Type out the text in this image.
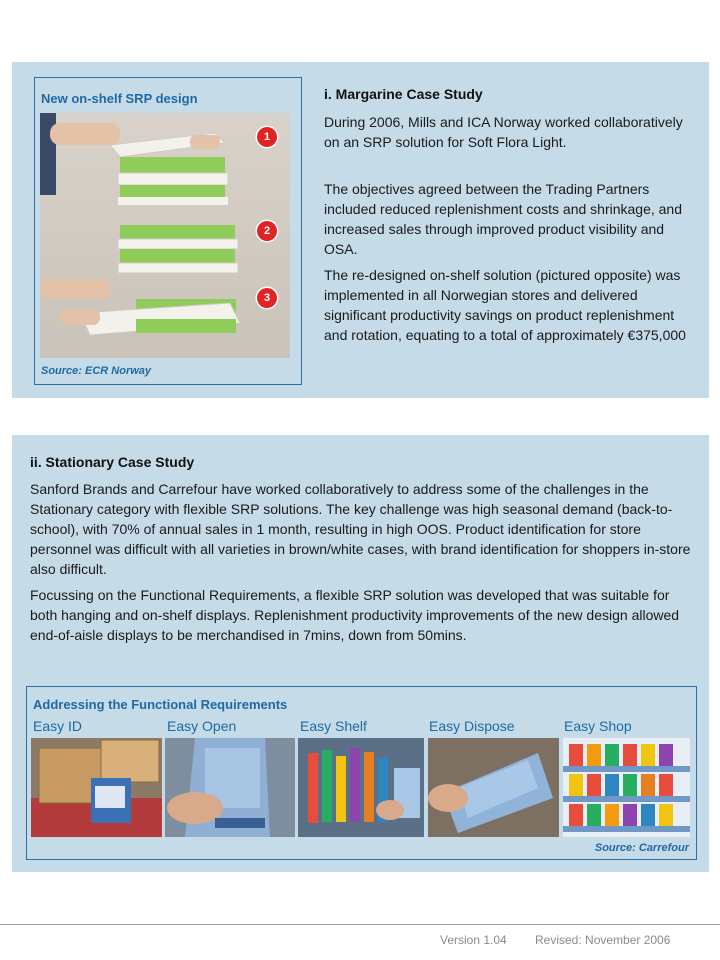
New on-shelf SRP design
1
2
3
Source: ECR Norway
i. Margarine Case Study

During 2006, Mills and ICA Norway worked collaboratively on an SRP solution for Soft Flora Light.

The objectives agreed between the Trading Partners included reduced replenishment costs and shrinkage, and increased sales through improved product visibility and OSA.

The re-designed on-shelf solution (pictured opposite) was implemented in all Norwegian stores and delivered significant productivity savings on product replenishment and rotation, equating to a total of approximately €375,000

ii. Stationary Case Study

Sanford Brands and Carrefour have worked collaboratively to address some of the challenges in the Stationary category with flexible SRP solutions. The key challenge was high seasonal demand (back-to-school), with 70% of annual sales in 1 month, resulting in high OOS. Product identification for store personnel was difficult with all varieties in brown/white cases, with brand identification for shoppers in-store also difficult.

Focussing on the Functional Requirements, a flexible SRP solution was developed that was suitable for both hanging and on-shelf displays. Replenishment productivity improvements of the new design allowed end-of-aisle displays to be merchandised in 7mins, down from 50mins.

Addressing the Functional Requirements
Easy ID	Easy Open	Easy Shelf	Easy Dispose	Easy Shop
Source: Carrefour
Version 1.04 Revised: November 2006
